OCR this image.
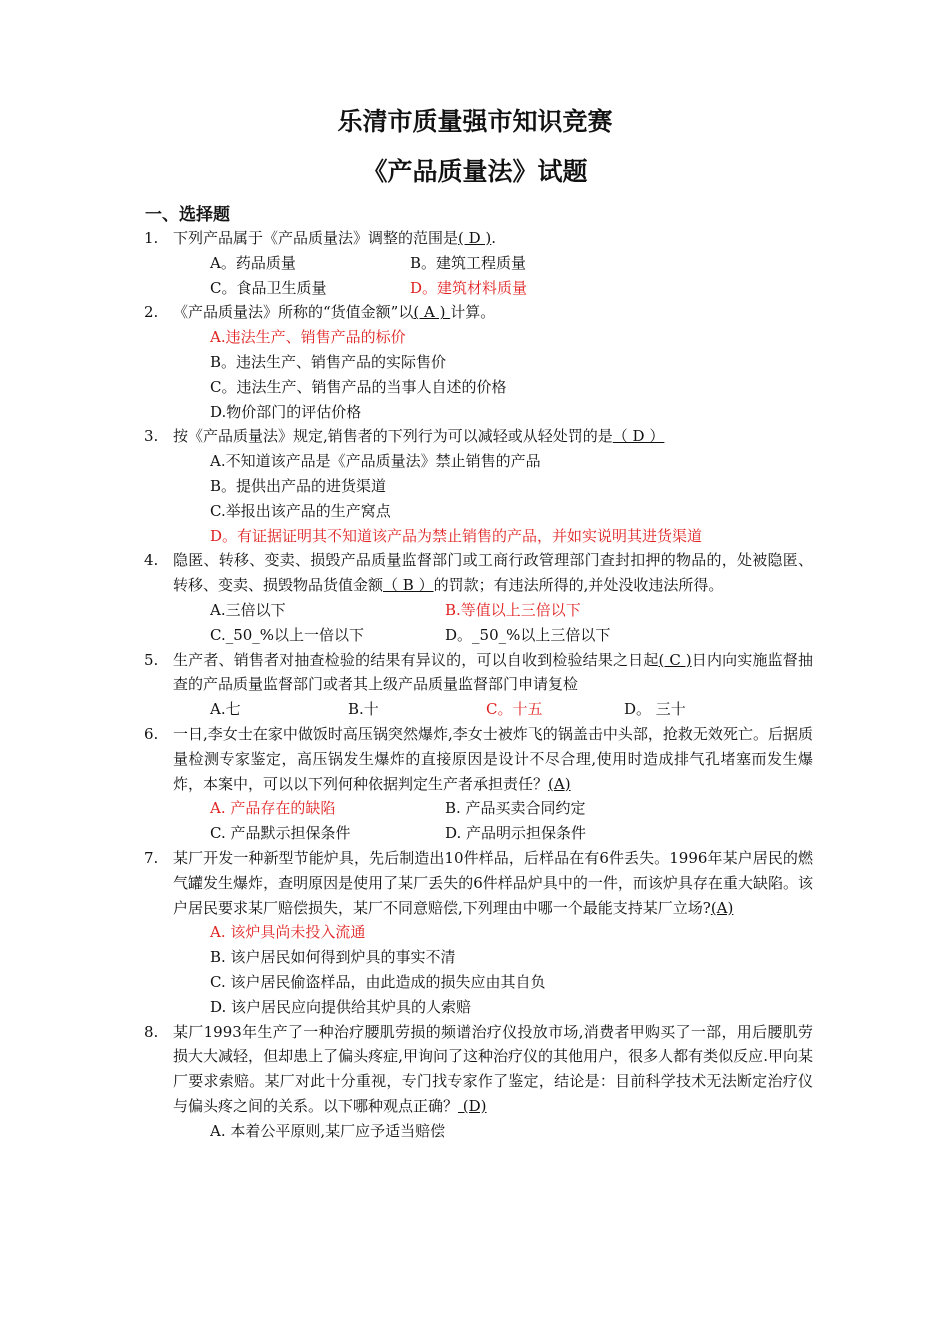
乐清市质量强市知识竞赛
《产品质量法》试题
一、选择题
1. 下列产品属于《产品质量法》调整的范围是( D ).
A。药品质量	B。建筑工程质量
C。食品卫生质量	D。建筑材料质量
2. 《产品质量法》所称的“货值金额”以( A ) 计算。
A.违法生产、销售产品的标价
B。违法生产、销售产品的实际售价
C。违法生产、销售产品的当事人自述的价格
D.物价部门的评估价格
3. 按《产品质量法》规定,销售者的下列行为可以减轻或从轻处罚的是（ D ）
A.不知道该产品是《产品质量法》禁止销售的产品
B。提供出产品的进货渠道
C.举报出该产品的生产窝点
D。有证据证明其不知道该产品为禁止销售的产品，并如实说明其进货渠道
4. 隐匿、转移、变卖、损毁产品质量监督部门或工商行政管理部门查封扣押的物品的，处被隐匿、转移、变卖、损毁物品货值金额（ B ）的罚款；有违法所得的,并处没收违法所得。
A.三倍以下	B.等值以上三倍以下
C._50_%以上一倍以下	D。_50_%以上三倍以下
5. 生产者、销售者对抽查检验的结果有异议的，可以自收到检验结果之日起( C )日内向实施监督抽查的产品质量监督部门或者其上级产品质量监督部门申请复检
A.七	B.十	C。十五	D。 三十
6. 一日,李女士在家中做饭时高压锅突然爆炸,李女士被炸飞的锅盖击中头部，抢救无效死亡。后据质量检测专家鉴定，高压锅发生爆炸的直接原因是设计不尽合理,使用时造成排气孔堵塞而发生爆炸，本案中，可以以下列何种依据判定生产者承担责任？(A)
A. 产品存在的缺陷	B. 产品买卖合同约定
C. 产品默示担保条件	D. 产品明示担保条件
7. 某厂开发一种新型节能炉具，先后制造出10件样品，后样品在有6件丢失。1996年某户居民的燃气罐发生爆炸，查明原因是使用了某厂丢失的6件样品炉具中的一件，而该炉具存在重大缺陷。该户居民要求某厂赔偿损失，某厂不同意赔偿,下列理由中哪一个最能支持某厂立场?(A)
A. 该炉具尚未投入流通
B. 该户居民如何得到炉具的事实不清
C. 该户居民偷盗样品，由此造成的损失应由其自负
D. 该户居民应向提供给其炉具的人索赔
8. 某厂1993年生产了一种治疗腰肌劳损的频谱治疗仪投放市场,消费者甲购买了一部，用后腰肌劳损大大减轻，但却患上了偏头疼症,甲询问了这种治疗仪的其他用户，很多人都有类似反应.甲向某厂要求索赔。某厂对此十分重视，专门找专家作了鉴定，结论是：目前科学技术无法断定治疗仪与偏头疼之间的关系。以下哪种观点正确？ (D)
A. 本着公平原则,某厂应予适当赔偿
